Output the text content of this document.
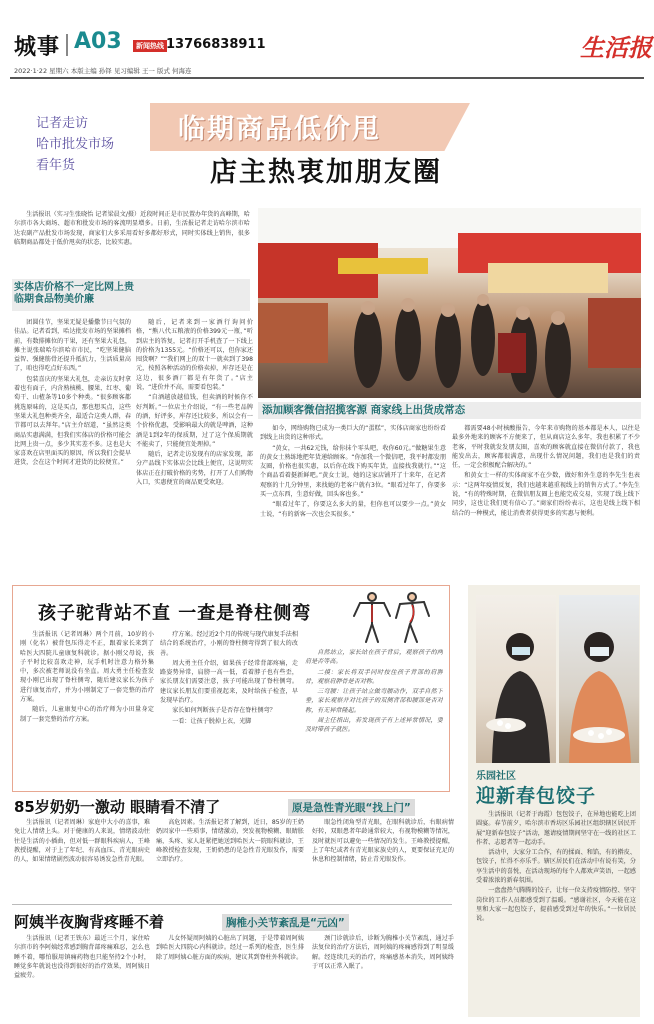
城事 A03	新闻热线 13766838911	生活报
2022·1·22 星期六 本版主编 孙铎 见习编辑 王一 版式 何海连
记者走访
哈市批发市场
看年货
临期商品低价甩
店主热衷加朋友圈

生活报讯（实习生张晓怡 记者梁晨文/摄）近段时间正是市民置办年货的高峰期，哈尔滨市各大商场、超市和批发市场的客流明显增多。日前，生活报记者走访哈尔滨市哈达农副产品批发市场发现，商家们大多采用看好多都好形式，同时实体线上销售，很多临期商品都处于低价甩卖的状态，比较实惠。

实体店价格不一定比网上贵
临期食品物美价廉

团圆佳节，坚果无疑是播撒节日气氛的佳品。记者看到，哈达批发市场的坚果摊档前，有数排摊位的干果，还有坚果大礼包，摊主说张瑞哈尔滨哈市市民，“吃坚果健脑益智、强健筋骨还提升抵抗力，生活质量高了，咱也得吃点好东西。”

包装喜庆的坚果大礼包，走亲访友时拿着也有面子，内含熟核桃、腰果、红枣、葡萄干、山楂条等10多个种类。“很多顾客都挑选原味的，这是买点，那也想买点，这些坚果大礼包种类齐全，最适合这类人群，春节都可以去拜年。”店主介绍道，“虽然这类商品实惠满满，但我们实体店的价格可能会比网上贵一点，多少其实差不多。这也是大家喜欢在店里面买的原因，所以我们会提早进货，会在这个时间才进货的比较便宜。”

随后，记者来到一家酒行询问价格，“熊八代五粮液的价格399元一瓶，”听到店主的答复，记者打开手机查了一下线上的价格为1355元。“价格还可以，但你家还囤货啊？”“我们网上的双十一就卖到了398元，按照各种活动的价格卖掉，库存还是在这边，很多酒厂都是有年货了。”店主说，“进价并不高，需要看包装。”

“自酒越放越值钱，但卖酒的时候你不好判断。”一位店主介绍说，“有一些老品牌的酒，好评多，库存还比较多，所以会有一个价格优惠，受影响最大的就是啤酒，这种酒是1到2年的保质期，过了这个保质期就不能卖了，只能便宜处理掉。”

随后，记者走访发现有的店家发现，部分产品线下实体店会比线上便宜，这说明实体店正在打破价格的劣势，打开了人们购物入口，实惠便宜的商品更受欢迎。

添加顾客微信招揽客源 商家线上出货成常态

如今，网络购物已成为一类巨大的“蛋糕”，实体店商家也纷纷看到线上出货的这种形式。

“黄女，一共62元钱，给你抹个零头吧，收你60元。”做糖果生意的黄女士熟练地把年货递给顾客。“你加我一个微信吧，我平时都发朋友圈，价格也很实惠，以后你在线下购买年货，直接找我就行。”“这个商品看着挺新鲜吧。”黄女士说，她的这家店铺开了十来年，在记者观察的十几分钟里，来找她的老客户就有3位。“眼看过年了，你要多买一点东西，生意好做，回头客也多。”

“眼看过年了，你要这么多大的量，但你也可以要少一点。”黄女士说，“有的新客一次也会买很多。”

都需要48小时核酸报告，今年来市购物的基本都是本人，以往是最多外地来的顾客不方便来了，但从商店这么多年，我也积累了不少老客，平时我就发发朋友圈，喜欢的顾客就直接在微信付款了，我也能发出去，顾客都很满意，出现什么情况问题，我们也是我们的责任，一定会积极配合解决的。”

和黄女士一样的实体商家不在少数，做好和外生意的李先生也表示：“这两年疫情反复，我们也越来越重视线上的销售方式了。”李先生说，“有的特殊时期，在微信朋友圈上也能完成交易，实现了线上线下同步，这也让我们更有信心了。”商家们纷纷表示，这也是线上线下相结合的一种模式，能让消费者获得更多的实惠与便利。

孩子驼背站不直 一查是脊柱侧弯

生活报讯（记者周琳）两个月前，10岁的小刚（化名）被背包压得走不正，跟着家长来到了哈医大四院儿童康复科就诊。据小刚父母说，孩子平时比较喜欢走神，玩手机时注意力格外集中，多次被老师说没有坐直。周大勇主任检查发现小刚已出现了脊柱侧弯，随后建议家长为孩子进行康复治疗，并为小刚制定了一套完整的治疗方案。

随后，儿童康复中心的治疗师为小田量身定制了一套完整的治疗方案。

疗方案。经过近2个月的传统与现代康复手法相结合的系统治疗，小刚的脊柱侧弯得到了很大的改善。

周大勇主任介绍，如果孩子经常背部疼痛，走路姿势异常，肩膀一高一低，看着脖子也有些歪，家长朋友们需要注意，孩子可能出现了脊柱侧弯。建议家长朋友们要重视起来，及时给孩子检查，早发现早治疗。

家长如何判断孩子是否存在脊柱侧弯？

一看：让孩子脱掉上衣，光脚

自然站立，家长站在孩子背后，观察孩子的两肩是否等高。

二摸：家长将双手同时按住孩子背部的肩胛骨，观察肩胛骨是否对称。

三弯腰：让孩子站立做弯腰动作，双手自然下垂，家长观察并对比孩子的双侧背部和腰部是否对称，有无异常隆起。

周主任指出，若发现孩子有上述异常情况，要及时带孩子就医。

85岁奶奶一激动 眼睛看不清了	原是急性青光眼“找上门”

生活报讯（记者周琳）家庭中大小的喜事，难免让人情绪上头。对于健康的人来说，情绪波动往往是生活的小插曲，但对低一群眼科疾病人，王峰教授提醒，对于上了年纪、有高血压、青光眼病史的人，如果情绪剧烈波动很容易诱发急性青光眼。

高危因素。生活报记者了解到，近日，85岁的王奶奶因家中一些琐事，情绪激动，突发视物模糊、眼睛胀痛，头疼、家人赶紧把她送到哈医大一院眼科就诊，王峰教授检查发现，王奶奶患的是急性青光眼发作，需要立即治疗。

眼急性闭角型青光眼，在眼科就诊后，右眼病情好转，双眼患者年龄通常较大，有视物模糊等情况，及时就医可以避免一些情况的发生。王峰教授提醒，上了年纪或者有青光眼家族史的人，更要保证充足的休息和控制情绪，防止青光眼发作。

阿姨半夜胸背疼睡不着	胸椎小关节紊乱是“元凶”

生活报讯（记者王铁东）最近三个月，家住哈尔滨市的李阿姨经常感到胸背部疼痛难忍，怎么也睡不着，哪怕服用镇痛药物也只能坚持2个小时，睡觉多年就说也没得到很好的治疗效果，周阿姨日益疲劳。

儿女怀疑周阿姨的心脏出了问题，于是带着周阿姨到哈医大四院心内科就诊。经过一系列的检查，医生排除了周阿姨心脏方面的疾病，建议其到脊柱外科就诊。

颈门诊就诊后，诊断为胸椎小关节紊乱，通过手法复位的治疗方法后，周阿姨的疼痛感得到了明显缓解。经连续几天的治疗，疼痛感基本消失，周阿姨终于可以正常入眠了。

乐园社区
迎新春包饺子

生活报讯（记者于海霞）包包饺子，在异地也能吃上团圆宴。春节前夕，哈尔滨市香坊区乐园社区组织辖区居民开展“迎新春包饺子”活动，邀请疫情期间坚守在一线的社区工作者、志愿者等一起动手。

活动中，大家分工合作，有的揉面、和馅，有的擀皮、包饺子，忙得不亦乐乎。辖区居民们在活动中有说有笑，分享生活中的喜悦，在活动现场的每个人都欢声笑语，一起感受着浓浓的新春氛围。

一盘盘热气腾腾的饺子，让每一位支持疫情防控、坚守岗位的工作人员都感受到了温暖。“感谢社区，今天能在这里和大家一起包饺子，提前感受到过年的快乐。”一位居民说。
